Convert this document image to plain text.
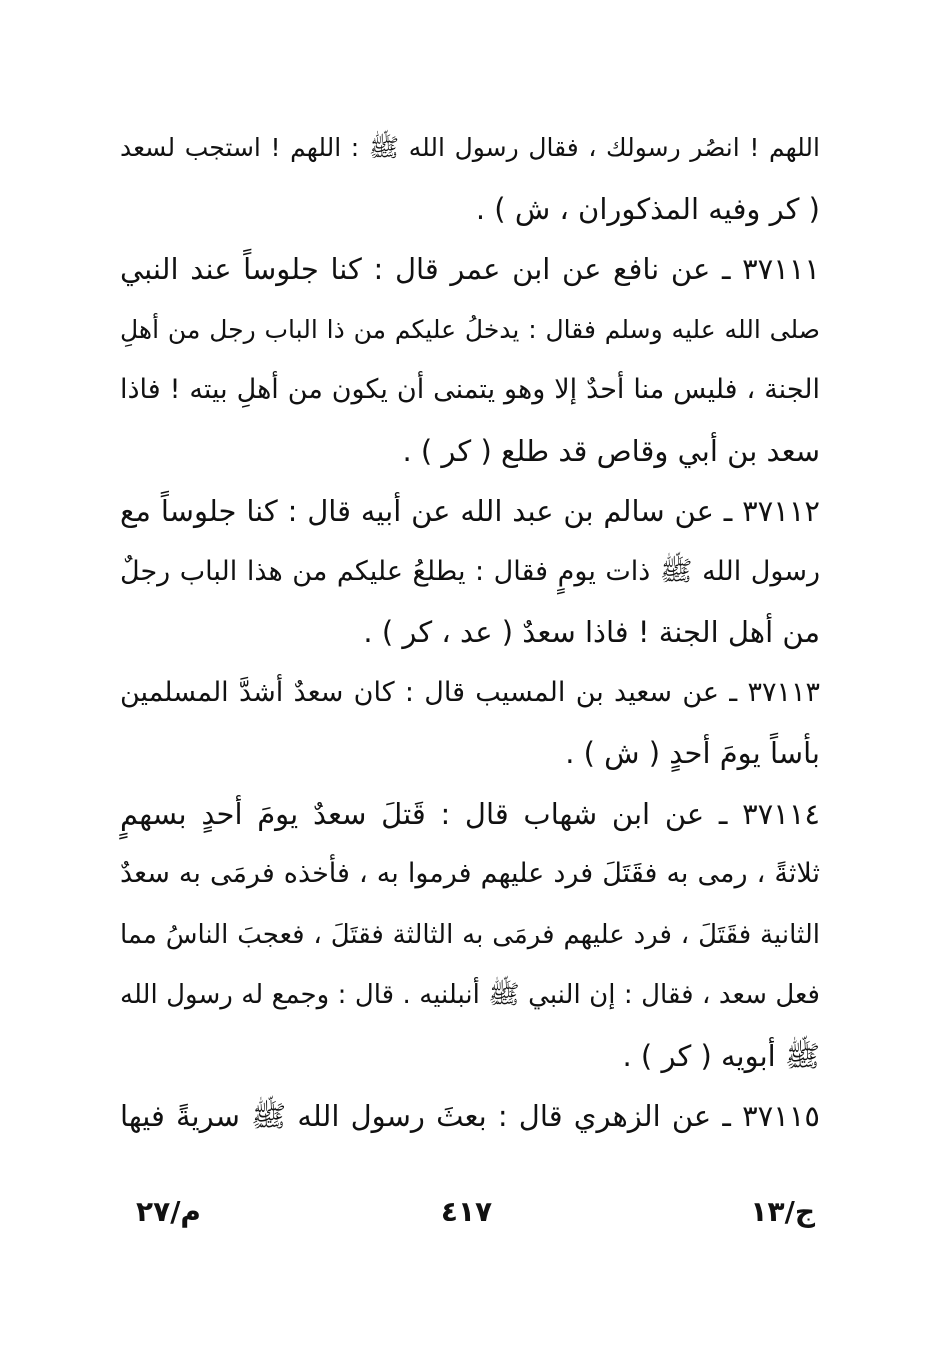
اللهم ! انصُر رسولك ، فقال رسول الله ﷺ : اللهم ! استجب لسعد
( كر وفيه المذكوران ، ش ) .
٣٧١١١ ـ عن نافع عن ابن عمر قال : كنا جلوساً عند النبي
صلى الله عليه وسلم فقال : يدخلُ عليكم من ذا الباب رجل من أهلِ
الجنة ، فليس منا أحدٌ إلا وهو يتمنى أن يكون من أهلِ بيته ! فاذا
سعد بن أبي وقاص قد طلع ( كر ) .
٣٧١١٢ ـ عن سالم بن عبد الله عن أبيه قال : كنا جلوساً مع
رسول الله ﷺ ذات يومٍ فقال : يطلعُ عليكم من هذا الباب رجلٌ
من أهل الجنة ! فاذا سعدٌ ( عد ، كر ) .
٣٧١١٣ ـ عن سعيد بن المسيب قال : كان سعدٌ أشدَّ المسلمين
بأساً يومَ أحدٍ ( ش ) .
٣٧١١٤ ـ عن ابن شهاب قال : قَتلَ سعدٌ يومَ أحدٍ بسهمٍ
ثلاثةً ، رمى به فقَتَلَ فرد عليهم فرموا به ، فأخذه فرمَى به سعدٌ
الثانية فقَتَلَ ، فرد عليهم فرمَى به الثالثة فقتَلَ ، فعجبَ الناسُ مما
فعل سعد ، فقال : إن النبي ﷺ أنبلنيه . قال : وجمع له رسول الله
ﷺ أبويه ( كر ) .
٣٧١١٥ ـ عن الزهري قال : بعثَ رسول الله ﷺ سريةً فيها
ج/١٣
٤١٧
م/٢٧
